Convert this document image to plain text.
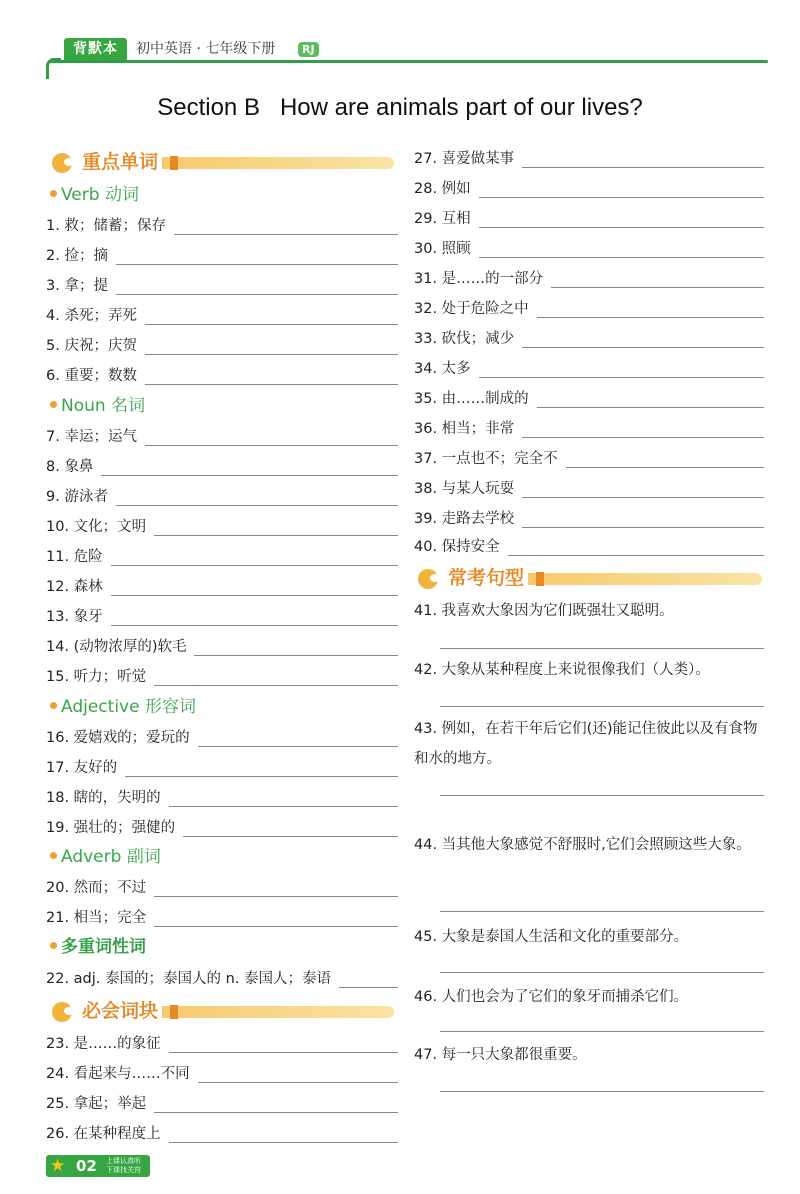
背默本	初中英语 · 七年级下册	RJ
Section B   How are animals part of our lives?
重点单词
Verb 动词
Noun 名词
Adjective 形容词
Adverb 副词
多重词性词
必会词块
常考句型
1. 救；储蓄；保存
2. 捡；摘
3. 拿；提
4. 杀死；弄死
5. 庆祝；庆贺
6. 重要；数数
7. 幸运；运气
8. 象鼻
9. 游泳者
10. 文化；文明
11. 危险
12. 森林
13. 象牙
14. (动物浓厚的)软毛
15. 听力；听觉
16. 爱嬉戏的；爱玩的
17. 友好的
18. 瞎的，失明的
19. 强壮的；强健的
20. 然而；不过
21. 相当；完全
22. adj. 泰国的；泰国人的 n. 泰国人；泰语
23. 是……的象征
24. 看起来与……不同
25. 拿起；举起
26. 在某种程度上
27. 喜爱做某事
28. 例如
29. 互相
30. 照顾
31. 是……的一部分
32. 处于危险之中
33. 砍伐；减少
34. 太多
35. 由……制成的
36. 相当；非常
37. 一点也不；完全不
38. 与某人玩耍
39. 走路去学校
40. 保持安全
41. 我喜欢大象因为它们既强壮又聪明。
42. 大象从某种程度上来说很像我们（人类）。
43. 例如，在若干年后它们(还)能记住彼此以及有食物和水的地方。
44. 当其他大象感觉不舒服时,它们会照顾这些大象。
45. 大象是泰国人生活和文化的重要部分。
46. 人们也会为了它们的象牙而捕杀它们。
47. 每一只大象都很重要。
★ 02 上课认真听
下课找关窍
